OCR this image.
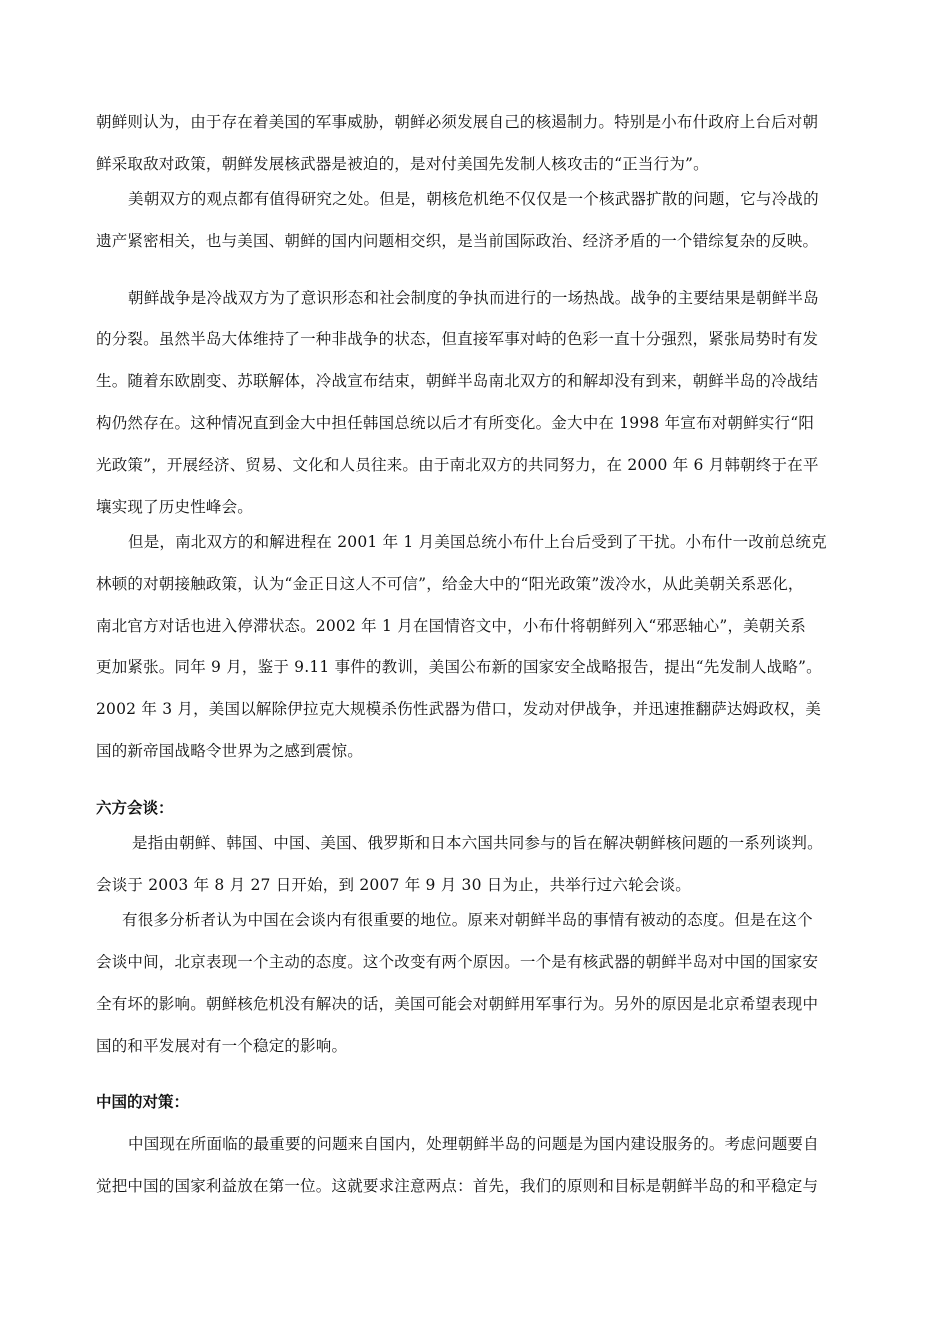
朝鲜则认为，由于存在着美国的军事威胁，朝鲜必须发展自己的核遏制力。特别是小布什政府上台后对朝
鲜采取敌对政策，朝鲜发展核武器是被迫的，是对付美国先发制人核攻击的“正当行为”。
美朝双方的观点都有值得研究之处。但是，朝核危机绝不仅仅是一个核武器扩散的问题，它与冷战的
遗产紧密相关，也与美国、朝鲜的国内问题相交织，是当前国际政治、经济矛盾的一个错综复杂的反映。
朝鲜战争是冷战双方为了意识形态和社会制度的争执而进行的一场热战。战争的主要结果是朝鲜半岛
的分裂。虽然半岛大体维持了一种非战争的状态，但直接军事对峙的色彩一直十分强烈，紧张局势时有发
生。随着东欧剧变、苏联解体，冷战宣布结束，朝鲜半岛南北双方的和解却没有到来，朝鲜半岛的冷战结
构仍然存在。这种情况直到金大中担任韩国总统以后才有所变化。金大中在 1998 年宣布对朝鲜实行“阳
光政策”，开展经济、贸易、文化和人员往来。由于南北双方的共同努力，在 2000 年 6 月韩朝终于在平
壤实现了历史性峰会。
但是，南北双方的和解进程在 2001 年 1 月美国总统小布什上台后受到了干扰。小布什一改前总统克
林顿的对朝接触政策，认为“金正日这人不可信”，给金大中的“阳光政策”泼冷水，从此美朝关系恶化，
南北官方对话也进入停滞状态。2002 年 1 月在国情咨文中，小布什将朝鲜列入“邪恶轴心”，美朝关系
更加紧张。同年 9 月，鉴于 9.11 事件的教训，美国公布新的国家安全战略报告，提出“先发制人战略”。
2002 年 3 月，美国以解除伊拉克大规模杀伤性武器为借口，发动对伊战争，并迅速推翻萨达姆政权，美
国的新帝国战略令世界为之感到震惊。
六方会谈：
是指由朝鲜、韩国、中国、美国、俄罗斯和日本六国共同参与的旨在解决朝鲜核问题的一系列谈判。
会谈于 2003 年 8 月 27 日开始，到 2007 年 9 月 30 日为止，共举行过六轮会谈。
有很多分析者认为中国在会谈内有很重要的地位。原来对朝鲜半岛的事情有被动的态度。但是在这个
会谈中间，北京表现一个主动的态度。这个改变有两个原因。一个是有核武器的朝鲜半岛对中国的国家安
全有坏的影响。朝鲜核危机没有解决的话，美国可能会对朝鲜用军事行为。另外的原因是北京希望表现中
国的和平发展对有一个稳定的影响。
中国的对策：
中国现在所面临的最重要的问题来自国内，处理朝鲜半岛的问题是为国内建设服务的。考虑问题要自
觉把中国的国家利益放在第一位。这就要求注意两点：首先，我们的原则和目标是朝鲜半岛的和平稳定与
